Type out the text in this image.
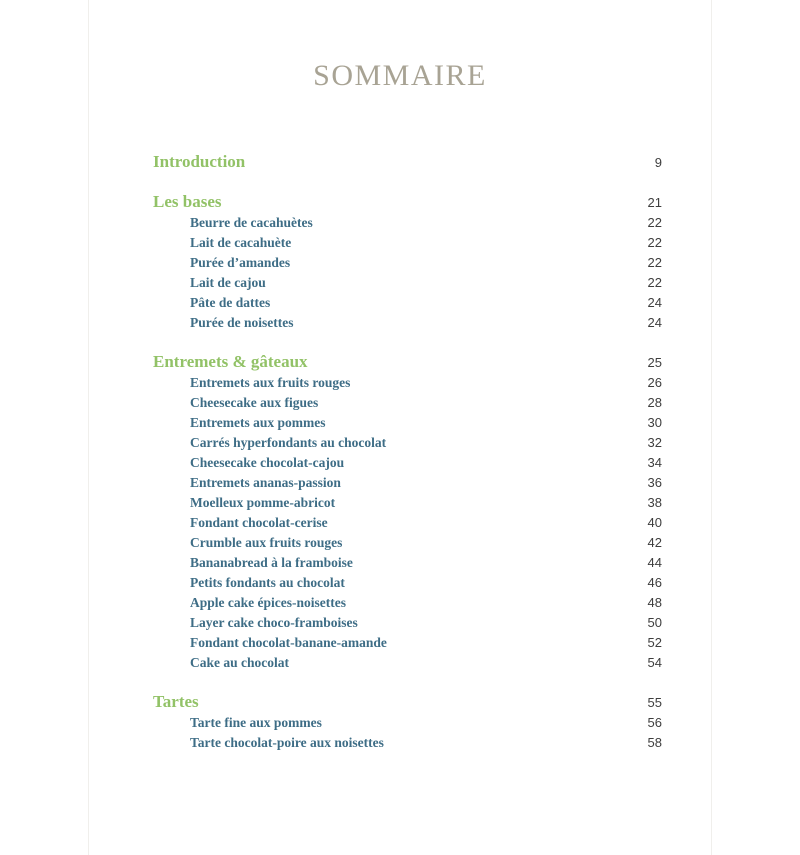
SOMMAIRE
Introduction	9
Les bases	21
Beurre de cacahuètes	22
Lait de cacahuète	22
Purée d’amandes	22
Lait de cajou	22
Pâte de dattes	24
Purée de noisettes	24
Entremets & gâteaux	25
Entremets aux fruits rouges	26
Cheesecake aux figues	28
Entremets aux pommes	30
Carrés hyperfondants au chocolat	32
Cheesecake chocolat-cajou	34
Entremets ananas-passion	36
Moelleux pomme-abricot	38
Fondant chocolat-cerise	40
Crumble aux fruits rouges	42
Bananabread à la framboise	44
Petits fondants au chocolat	46
Apple cake épices-noisettes	48
Layer cake choco-framboises	50
Fondant chocolat-banane-amande	52
Cake au chocolat	54
Tartes	55
Tarte fine aux pommes	56
Tarte chocolat-poire aux noisettes	58
